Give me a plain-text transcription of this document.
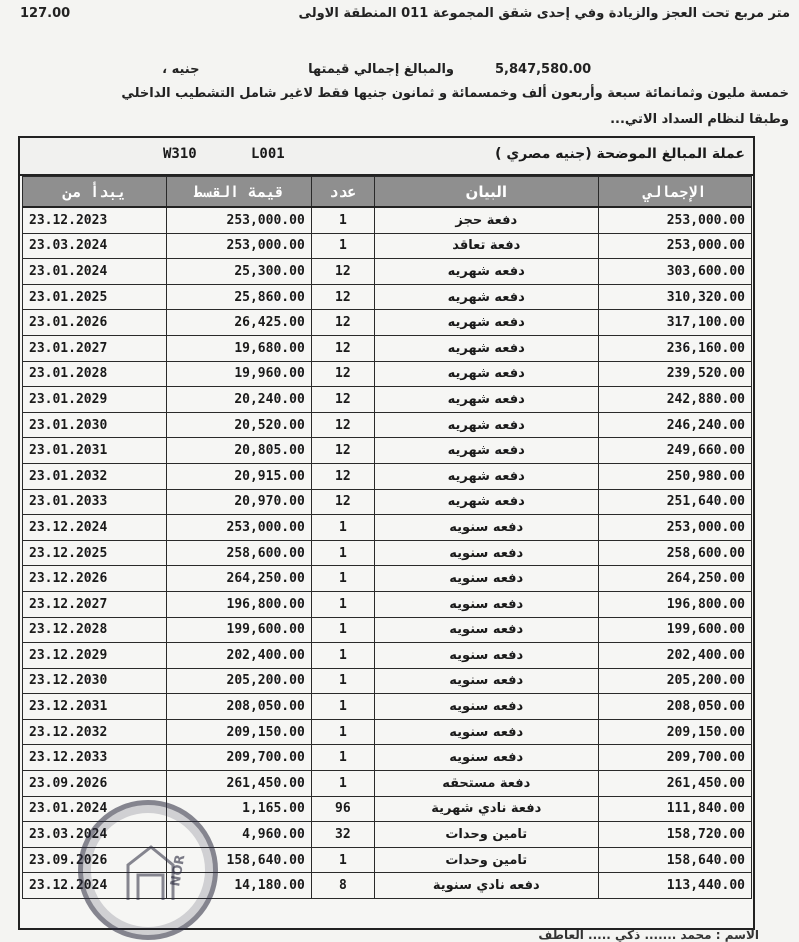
127.00	متر مربع تحت العجز والزيادة وفي إحدى شقق المجموعة 011 المنطقة الاولى
5,847,580.00
والمبالغ إجمالي قيمتها                        جنيه ،
خمسة مليون وثمانمائة سبعة وأربعون ألف وخمسمائة و ثمانون جنيها فقط لاغير شامل التشطيب الداخلي
وطبقا لنظام السداد الاتي...
W310	L001	عملة المبالغ الموضحة (جنيه مصري )
يبدأ من	قيمة القسط	عدد	البيان	الإجمالي
23.12.2023	253,000.00	1	دفعة حجز	253,000.00
23.03.2024	253,000.00	1	دفعة تعاقد	253,000.00
23.01.2024	25,300.00	12	دفعه شهريه	303,600.00
23.01.2025	25,860.00	12	دفعه شهريه	310,320.00
23.01.2026	26,425.00	12	دفعه شهريه	317,100.00
23.01.2027	19,680.00	12	دفعه شهريه	236,160.00
23.01.2028	19,960.00	12	دفعه شهريه	239,520.00
23.01.2029	20,240.00	12	دفعه شهريه	242,880.00
23.01.2030	20,520.00	12	دفعه شهريه	246,240.00
23.01.2031	20,805.00	12	دفعه شهريه	249,660.00
23.01.2032	20,915.00	12	دفعه شهريه	250,980.00
23.01.2033	20,970.00	12	دفعه شهريه	251,640.00
23.12.2024	253,000.00	1	دفعه سنويه	253,000.00
23.12.2025	258,600.00	1	دفعه سنويه	258,600.00
23.12.2026	264,250.00	1	دفعه سنويه	264,250.00
23.12.2027	196,800.00	1	دفعه سنويه	196,800.00
23.12.2028	199,600.00	1	دفعه سنويه	199,600.00
23.12.2029	202,400.00	1	دفعه سنويه	202,400.00
23.12.2030	205,200.00	1	دفعه سنويه	205,200.00
23.12.2031	208,050.00	1	دفعه سنويه	208,050.00
23.12.2032	209,150.00	1	دفعه سنويه	209,150.00
23.12.2033	209,700.00	1	دفعه سنويه	209,700.00
23.09.2026	261,450.00	1	دفعة مستحقه	261,450.00
23.01.2024	1,165.00	96	دفعة نادي شهرية	111,840.00
23.03.2024	4,960.00	32	تامين وحدات	158,720.00
23.09.2026	158,640.00	1	تامين وحدات	158,640.00
23.12.2024	14,180.00	8	دفعه نادي سنوية	113,440.00
NOR
الاسم : محمد ....... ذكي ..... العاطف
